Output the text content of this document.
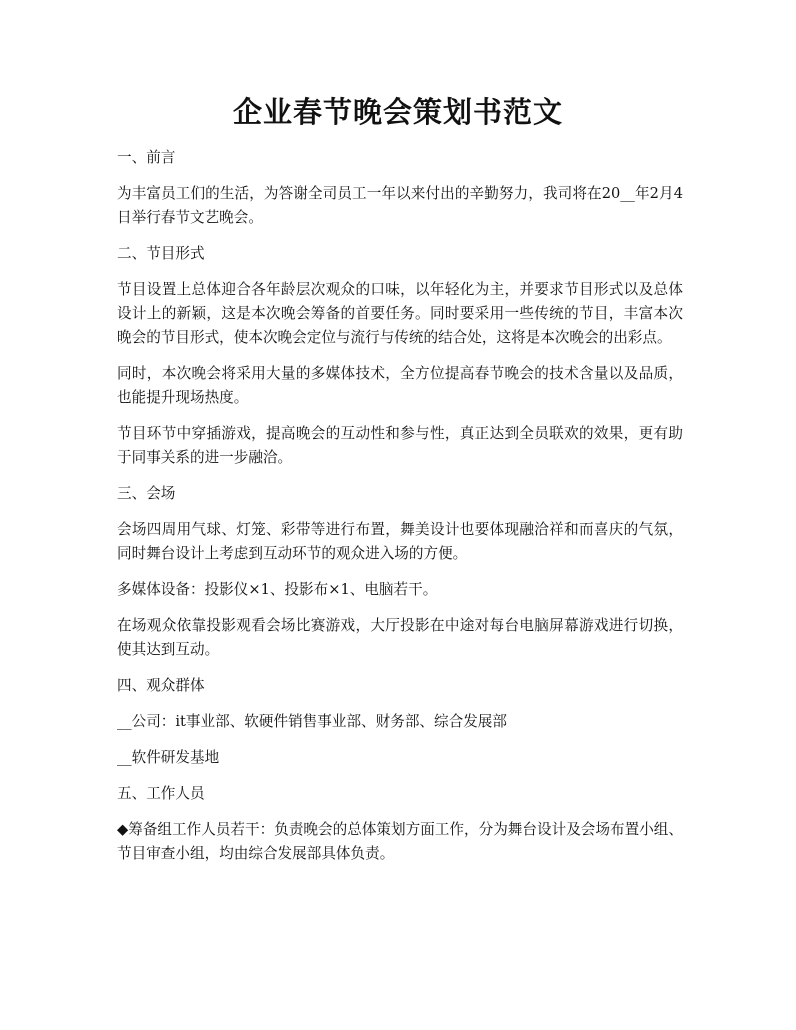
企业春节晚会策划书范文

一、前言

为丰富员工们的生活，为答谢全司员工一年以来付出的辛勤努力，我司将在20__年2月4日举行春节文艺晚会。

二、节目形式

节目设置上总体迎合各年龄层次观众的口味，以年轻化为主，并要求节目形式以及总体设计上的新颖，这是本次晚会筹备的首要任务。同时要采用一些传统的节目，丰富本次晚会的节目形式，使本次晚会定位与流行与传统的结合处，这将是本次晚会的出彩点。

同时，本次晚会将采用大量的多媒体技术，全方位提高春节晚会的技术含量以及品质，也能提升现场热度。

节目环节中穿插游戏，提高晚会的互动性和参与性，真正达到全员联欢的效果，更有助于同事关系的进一步融洽。

三、会场

会场四周用气球、灯笼、彩带等进行布置，舞美设计也要体现融洽祥和而喜庆的气氛，同时舞台设计上考虑到互动环节的观众进入场的方便。

多媒体设备：投影仪×1、投影布×1、电脑若干。

在场观众依靠投影观看会场比赛游戏，大厅投影在中途对每台电脑屏幕游戏进行切换，使其达到互动。

四、观众群体

__公司：it事业部、软硬件销售事业部、财务部、综合发展部

__软件研发基地

五、工作人员

◆筹备组工作人员若干：负责晚会的总体策划方面工作，分为舞台设计及会场布置小组、节目审查小组，均由综合发展部具体负责。
